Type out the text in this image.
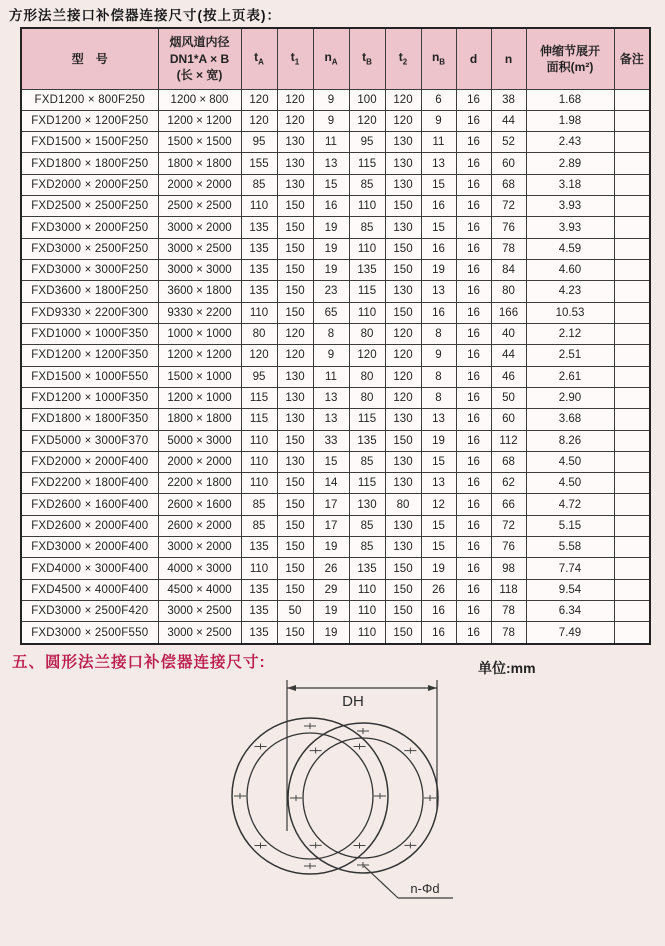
方形法兰接口补偿器连接尺寸(按上页表)：
型　号	烟风道内径
DN1*A × B
(长 × 宽)	$t_A$	$t_1$	$n_A$	$t_B$	$t_2$	$n_B$	d	n	伸缩节展开
面积(m²)	备注
FXD1200 × 800F250	1200 × 800	120	120	9	100	120	6	16	38	1.68	
FXD1200 × 1200F250	1200 × 1200	120	120	9	120	120	9	16	44	1.98	
FXD1500 × 1500F250	1500 × 1500	95	130	11	95	130	11	16	52	2.43	
FXD1800 × 1800F250	1800 × 1800	155	130	13	115	130	13	16	60	2.89	
FXD2000 × 2000F250	2000 × 2000	85	130	15	85	130	15	16	68	3.18	
FXD2500 × 2500F250	2500 × 2500	110	150	16	110	150	16	16	72	3.93	
FXD3000 × 2000F250	3000 × 2000	135	150	19	85	130	15	16	76	3.93	
FXD3000 × 2500F250	3000 × 2500	135	150	19	110	150	16	16	78	4.59	
FXD3000 × 3000F250	3000 × 3000	135	150	19	135	150	19	16	84	4.60	
FXD3600 × 1800F250	3600 × 1800	135	150	23	115	130	13	16	80	4.23	
FXD9330 × 2200F300	9330 × 2200	110	150	65	110	150	16	16	166	10.53	
FXD1000 × 1000F350	1000 × 1000	80	120	8	80	120	8	16	40	2.12	
FXD1200 × 1200F350	1200 × 1200	120	120	9	120	120	9	16	44	2.51	
FXD1500 × 1000F550	1500 × 1000	95	130	11	80	120	8	16	46	2.61	
FXD1200 × 1000F350	1200 × 1000	115	130	13	80	120	8	16	50	2.90	
FXD1800 × 1800F350	1800 × 1800	115	130	13	115	130	13	16	60	3.68	
FXD5000 × 3000F370	5000 × 3000	110	150	33	135	150	19	16	112	8.26	
FXD2000 × 2000F400	2000 × 2000	110	130	15	85	130	15	16	68	4.50	
FXD2200 × 1800F400	2200 × 1800	110	150	14	115	130	13	16	62	4.50	
FXD2600 × 1600F400	2600 × 1600	85	150	17	130	80	12	16	66	4.72	
FXD2600 × 2000F400	2600 × 2000	85	150	17	85	130	15	16	72	5.15	
FXD3000 × 2000F400	3000 × 2000	135	150	19	85	130	15	16	76	5.58	
FXD4000 × 3000F400	4000 × 3000	110	150	26	135	150	19	16	98	7.74	
FXD4500 × 4000F400	4500 × 4000	135	150	29	110	150	26	16	118	9.54	
FXD3000 × 2500F420	3000 × 2500	135	50	19	110	150	16	16	78	6.34	
FXD3000 × 2500F550	3000 × 2500	135	150	19	110	150	16	16	78	7.49	
五、圆形法兰接口补偿器连接尺寸:	单位:mm
DH
n-Φd
